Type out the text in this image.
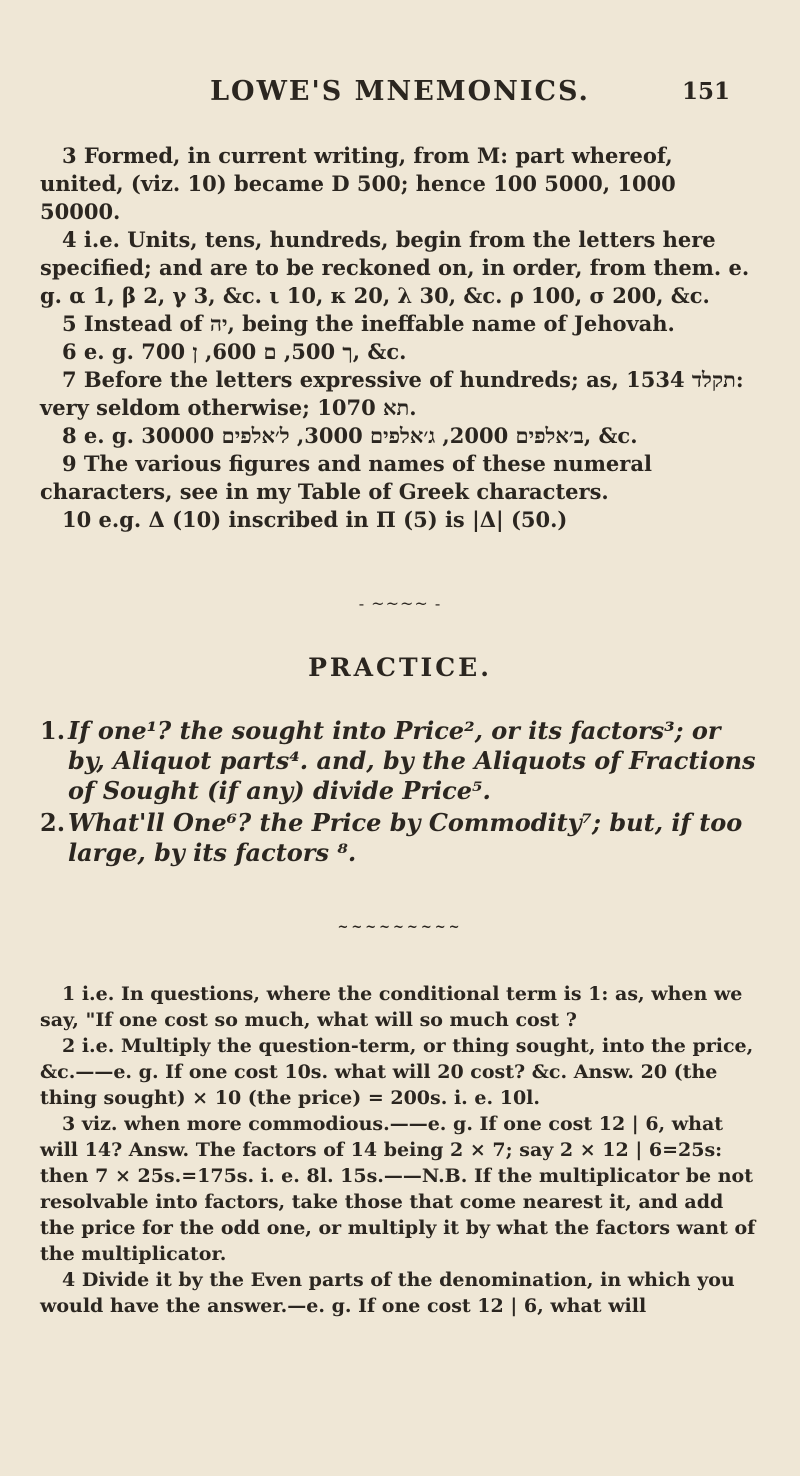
LOWE'S MNEMONICS.	151

3 Formed, in current writing, from M: part whereof, united, (viz. 10) became D 500; hence 100 5000, 1000 50000.

4 i.e. Units, tens, hundreds, begin from the letters here specified; and are to be reckoned on, in order, from them. e. g. α 1, β 2, γ 3, &c. ι 10, κ 20, λ 30, &c. ρ 100, σ 200, &c.

5 Instead of יה, being the ineffable name of Jehovah.

6 e. g. ך 500, ם 600, ן 700, &c.

7 Before the letters expressive of hundreds; as, תקלד 1534: very seldom otherwise; תא 1070.

8 e. g. ב׳אלפים 2000, ג׳אלפים 3000, ל׳אלפים 30000, &c.

9 The various figures and names of these numeral characters, see in my Table of Greek characters.

10 e.g. Δ (10) inscribed in Π (5) is |Δ| (50.)

- ~~~~ -
PRACTICE.
1. If one¹? the sought into Price², or its factors³; or by, Aliquot parts⁴. and, by the Aliquots of Fractions of Sought (if any) divide Price⁵.
2. What'll One⁶? the Price by Commodity⁷; but, if too large, by its factors ⁸.
~~~~~~~~~

1 i.e. In questions, where the conditional term is 1: as, when we say, "If one cost so much, what will so much cost ?

2 i.e. Multiply the question-term, or thing sought, into the price, &c.——e. g. If one cost 10s. what will 20 cost? &c. Answ. 20 (the thing sought) × 10 (the price) = 200s. i. e. 10l.

3 viz. when more commodious.——e. g. If one cost 12 | 6, what will 14? Answ. The factors of 14 being 2 × 7; say 2 × 12 | 6=25s: then 7 × 25s.=175s. i. e. 8l. 15s.——N.B. If the multiplicator be not resolvable into factors, take those that come nearest it, and add the price for the odd one, or multiply it by what the factors want of the multiplicator.

4 Divide it by the Even parts of the denomination, in which you would have the answer.—e. g. If one cost 12 | 6, what will
